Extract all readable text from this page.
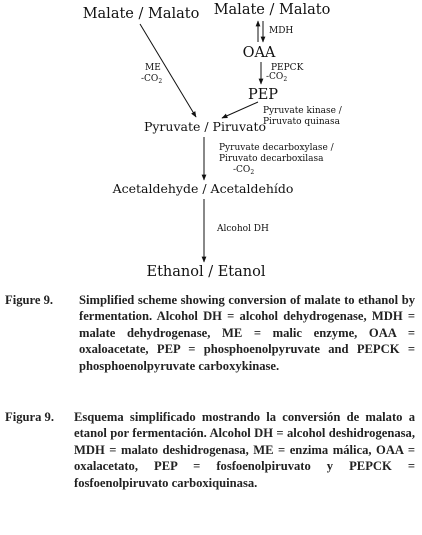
Malate / Malato Malate / Malato
OAA
PEP
Pyruvate / Piruvato
Acetaldehyde / Acetaldehído
Ethanol / Etanol
MDH
ME
$-CO_2$
PEPCK
$-CO_2$
Pyruvate kinase /
Piruvato quinasa
Pyruvate decarboxylase /
Piruvato decarboxilasa
$-CO_2$
Alcohol DH
Figure 9. Simplified scheme showing conversion of malate to ethanol by fermentation. Alcohol DH = alcohol dehydrogenase, MDH = malate dehydrogenase, ME = malic enzyme, OAA = oxaloacetate, PEP = phosphoenolpyruvate and PEPCK = phosphoenolpyruvate carboxykinase.
Figura 9. Esquema simplificado mostrando la conversión de malato a etanol por fermentación. Alcohol DH = alcohol deshidrogenasa, MDH = malato deshidrogenasa, ME = enzima málica, OAA = oxalacetato, PEP = fosfoenolpiruvato y PEPCK = fosfoenolpiruvato carboxiquinasa.
